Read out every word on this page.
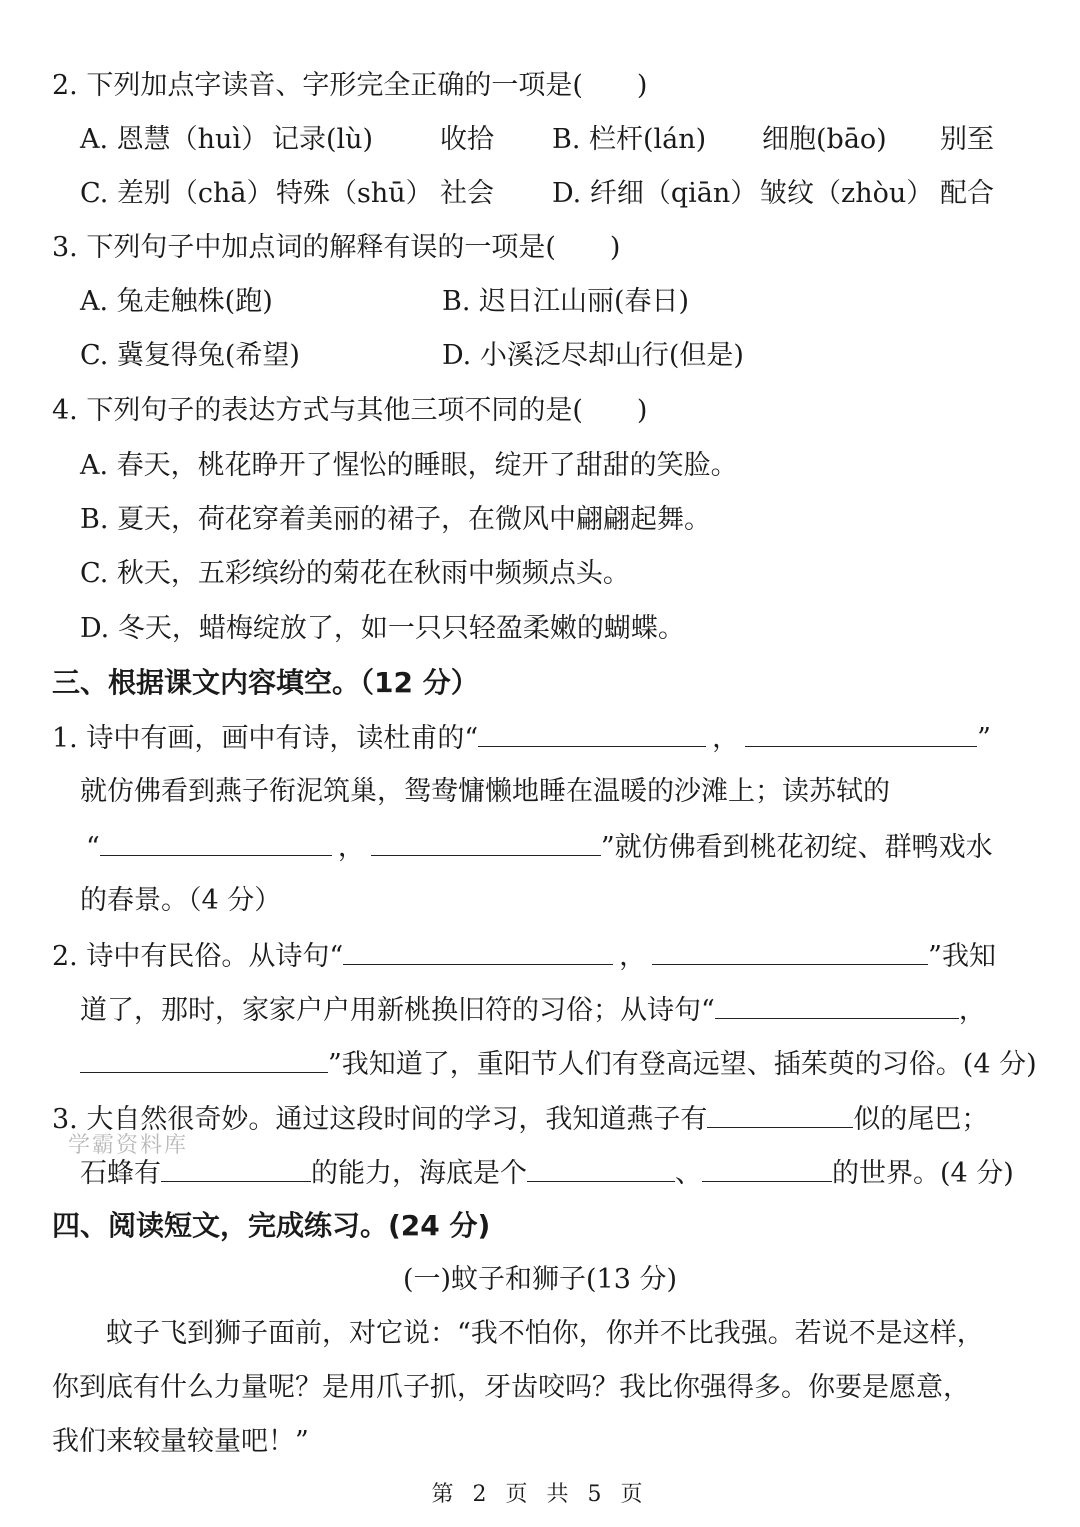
2. 下列加点字读音、字形完全正确的一项是(　　)
A. 恩慧（huì） 记录(lù) 收拾 B. 栏杆(lán) 细胞(bāo) 别至
C. 差别（chā） 特殊（shū） 社会 D. 纤细（qiān） 皱纹（zhòu） 配合
3. 下列句子中加点词的解释有误的一项是(　　)
A. 兔走触株(跑)	B. 迟日江山丽(春日)
C. 冀复得兔(希望)	D. 小溪泛尽却山行(但是)
4. 下列句子的表达方式与其他三项不同的是(　　)
A. 春天，桃花睁开了惺忪的睡眼，绽开了甜甜的笑脸。
B. 夏天，荷花穿着美丽的裙子，在微风中翩翩起舞。
C. 秋天，五彩缤纷的菊花在秋雨中频频点头。
D. 冬天，蜡梅绽放了，如一只只轻盈柔嫩的蝴蝶。
三、根据课文内容填空。（12 分）
1. 诗中有画，画中有诗，读杜甫的“	，	”
就仿佛看到燕子衔泥筑巢，鸳鸯慵懒地睡在温暖的沙滩上；读苏轼的
“	，	”就仿佛看到桃花初绽、群鸭戏水
的春景。（4 分）
2. 诗中有民俗。从诗句“	，	”我知
道了，那时，家家户户用新桃换旧符的习俗；从诗句“	，
”我知道了，重阳节人们有登高远望、插茱萸的习俗。(4 分)
3. 大自然很奇妙。通过这段时间的学习，我知道燕子有	似的尾巴；
石蜂有	的能力，海底是个	、	的世界。(4 分)
学霸资料库
四、阅读短文，完成练习。(24 分)
(一)蚊子和狮子(13 分)
　　蚊子飞到狮子面前，对它说：“我不怕你，你并不比我强。若说不是这样，
你到底有什么力量呢？是用爪子抓，牙齿咬吗？我比你强得多。你要是愿意，
我们来较量较量吧！”
第 2 页 共 5 页
